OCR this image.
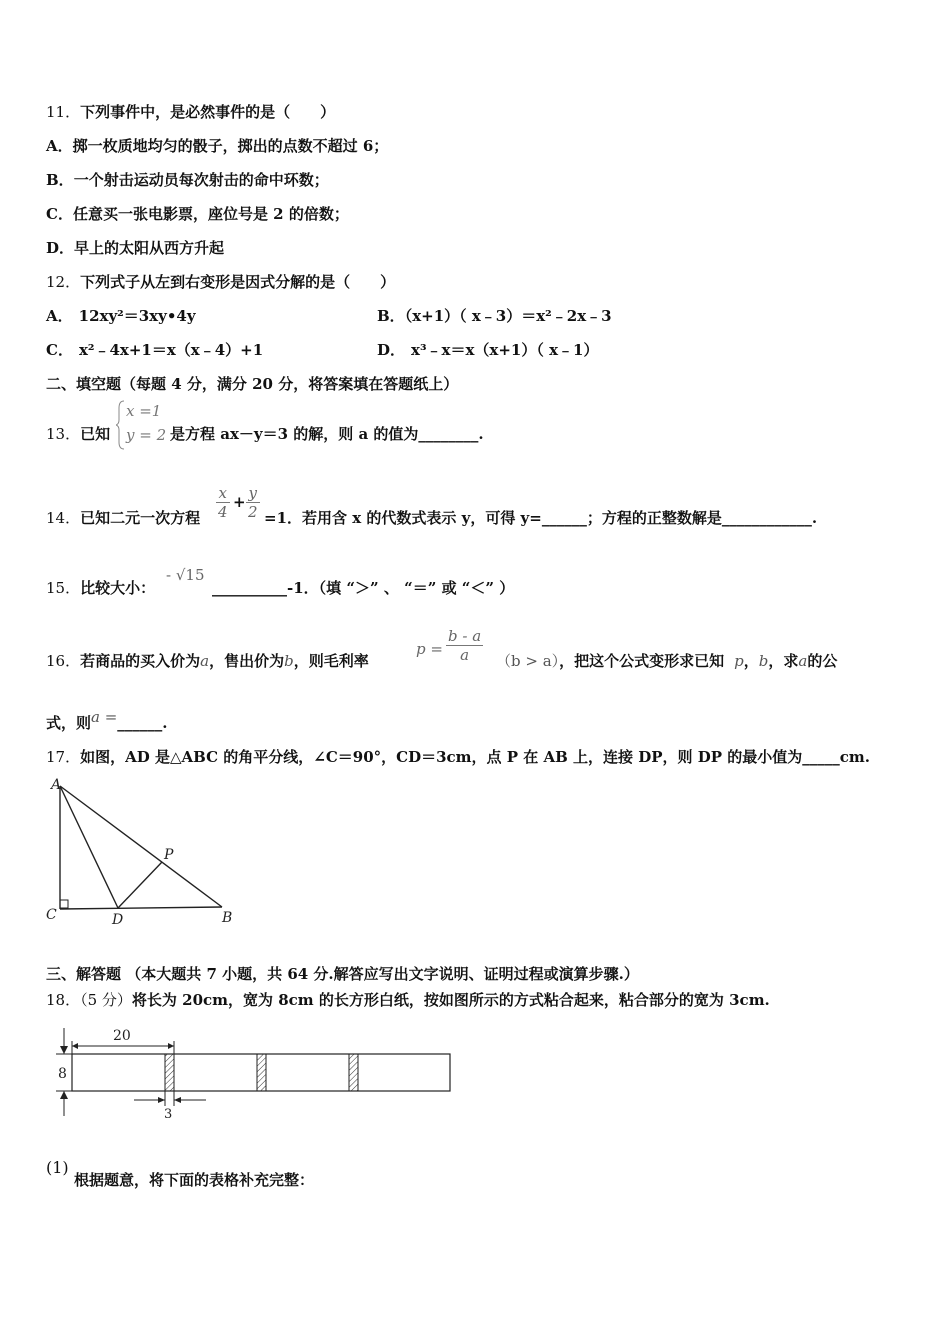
11．下列事件中，是必然事件的是（　　）
A．掷一枚质地均匀的骰子，掷出的点数不超过 6；
B．一个射击运动员每次射击的命中环数；
C．任意买一张电影票，座位号是 2 的倍数；
D．早上的太阳从西方升起
12．下列式子从左到右变形是因式分解的是（　　）
A． 12xy²＝3xy•4y	B．（x+1）（ x﹣3）＝x²﹣2x﹣3
C． x²﹣4x+1＝x（x﹣4）+1	D． x³﹣x＝x（x+1）（ x﹣1）
二、填空题（每题 4 分，满分 20 分，将答案填在答题纸上）
x =1
y = 2
13．已知	是方程 ax－y＝3 的解，则 a 的值为________.
14．已知二元一次方程 $\frac{x}{4} + \frac{y}{2} =1$．若用含 x 的代数式表示 y，可得 y=______；方程的正整数解是____________.
15．比较大小：
- √15
__________-1．（填 “＞” 、 “＝” 或 “＜” ）
16．若商品的买入价为a，售出价为b，则毛利率
$p = \frac{b - a}{a} (b > a)$，把这个公式变形求已知 p，b，求a的公
式，则a =______.
17．如图，AD 是△ABC 的角平分线，∠C＝90°，CD＝3cm，点 P 在 AB 上，连接 DP，则 DP 的最小值为_____cm.
A
C	D	B
P
三、解答题 （本大题共 7 小题，共 64 分.解答应写出文字说明、证明过程或演算步骤.）
18．（5 分）将长为 20cm，宽为 8cm 的长方形白纸，按如图所示的方式粘合起来，粘合部分的宽为 3cm.
20
8
3
(1)
根据题意，将下面的表格补充完整：
